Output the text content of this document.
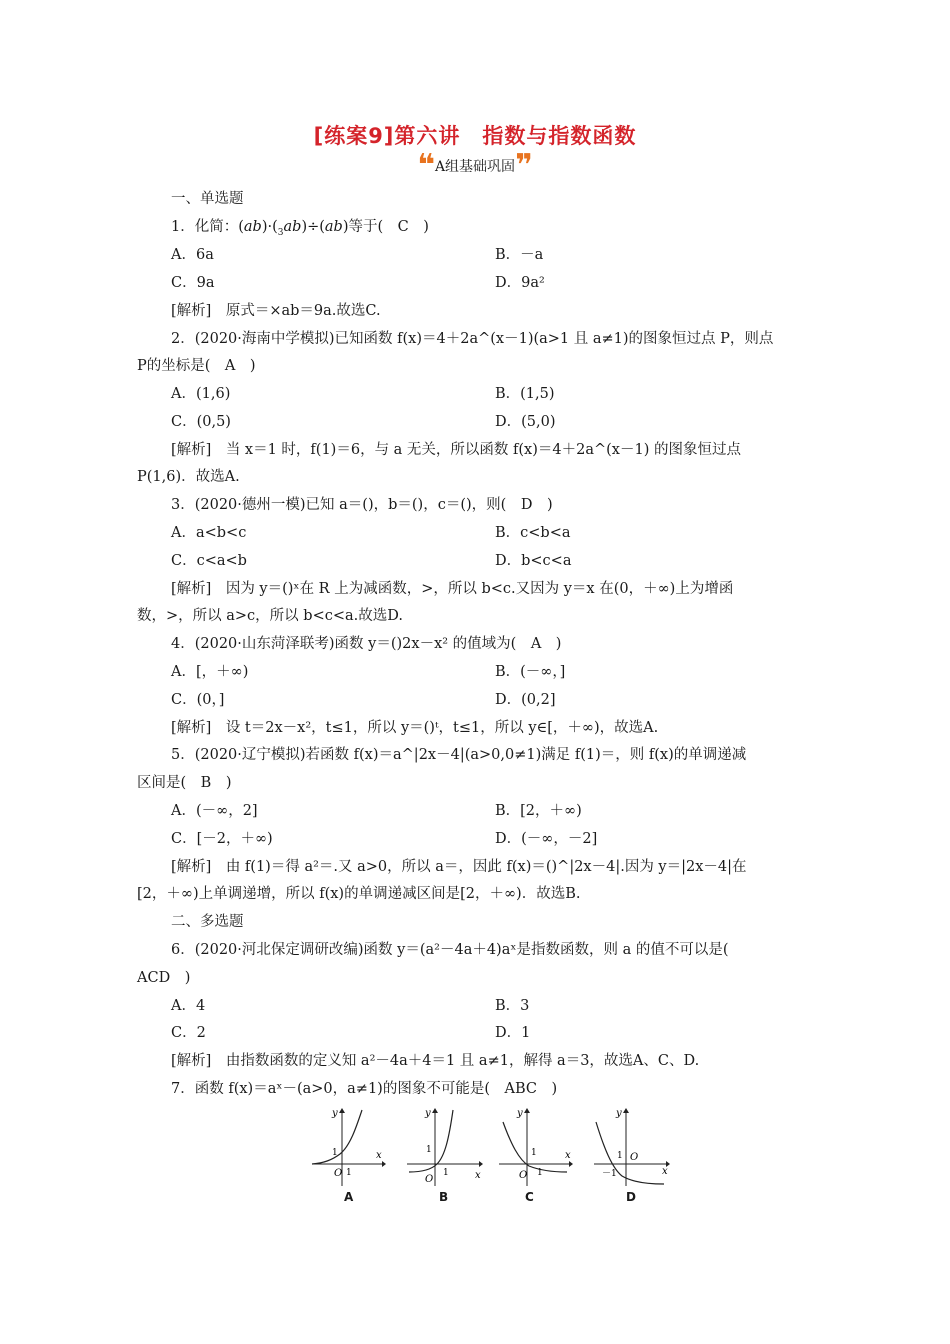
[练案9]第六讲　指数与指数函数
❝A组基础巩固❞
一、单选题
1．化简：$(ab)\cdot(_3ab)\div(ab)$等于(　C　)
A．6a	B．－a
C．9a	D．9a²
[解析]　原式＝×ab＝9a.故选C.
2．(2020·海南中学模拟)已知函数 f(x)＝4＋2a^(x－1)(a>1 且 a≠1)的图象恒过点 P，则点
P的坐标是(　A　)
A．(1,6)	B．(1,5)
C．(0,5)	D．(5,0)
[解析]　当 x＝1 时，f(1)＝6，与 a 无关，所以函数 f(x)＝4＋2a^(x－1) 的图象恒过点
P(1,6)．故选A.
3．(2020·德州一模)已知 a＝()，b＝()，c＝()，则(　D　)
A．a<b<c	B．c<b<a
C．c<a<b	D．b<c<a
[解析]　因为 y＝()ˣ在 R 上为减函数，>，所以 b<c.又因为 y＝x 在(0，＋∞)上为增函
数，>，所以 a>c，所以 b<c<a.故选D.
4．(2020·山东菏泽联考)函数 y＝()2x－x² 的值域为(　A　)
A．[，＋∞)	B．(－∞，]
C．(0，]	D．(0,2]
[解析]　设 t＝2x－x²，t≤1，所以 y＝()ᵗ，t≤1，所以 y∈[，＋∞)，故选A.
5．(2020·辽宁模拟)若函数 f(x)＝a^|2x－4|(a>0,0≠1)满足 f(1)＝，则 f(x)的单调递减
区间是(　B　)
A．(－∞，2]	B．[2，＋∞)
C．[－2，＋∞)	D．(－∞，－2]
[解析]　由 f(1)＝得 a²＝.又 a>0，所以 a＝，因此 f(x)＝()^|2x－4|.因为 y＝|2x－4|在
[2，＋∞)上单调递增，所以 f(x)的单调递减区间是[2，＋∞)．故选B.
二、多选题
6．(2020·河北保定调研改编)函数 y＝(a²－4a＋4)aˣ是指数函数，则 a 的值不可以是(
ACD　)
A．4	B．3
C．2	D．1
[解析]　由指数函数的定义知 a²－4a＋4＝1 且 a≠1，解得 a＝3，故选A、C、D.
7．函数 f(x)＝aˣ－(a>0，a≠1)的图象不可能是(　ABC　)
y
x
O
1
1
A
y
x
O
1
1
B
y
x
O
1
1
C
y
x
O
1
－1
D
